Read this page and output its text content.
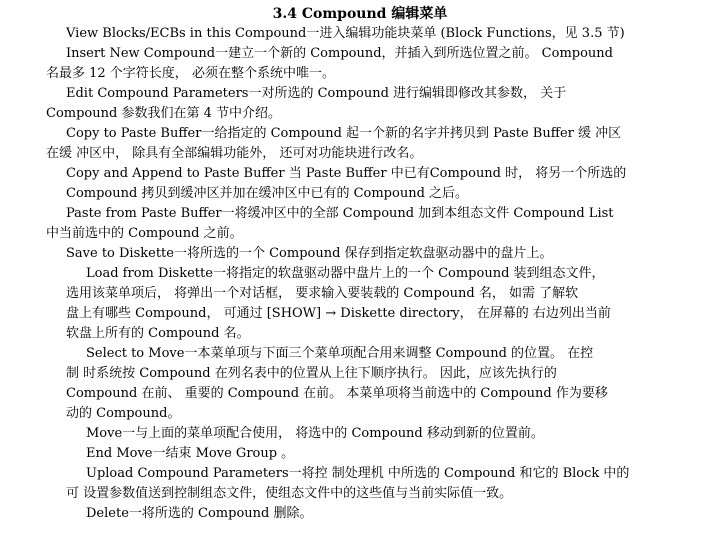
3.4 Compound 编辑菜单
View Blocks/ECBs in this Compound一进入编辑功能块菜单 (Block Functions，见 3.5 节)
Insert New Compound一建立一个新的 Compound，并插入到所选位置之前。 Compound
名最多 12 个字符长度， 必须在整个系统中唯一。
Edit Compound Parameters一对所选的 Compound 进行编辑即修改其参数， 关于
Compound 参数我们在第 4 节中介绍。
Copy to Paste Buffer一给指定的 Compound 起一个新的名字并拷贝到 Paste Buffer 缓 冲区
在缓 冲区中， 除具有全部编辑功能外， 还可对功能块进行改名。
Copy and Append to Paste Buffer 当 Paste Buffer 中已有Compound 时， 将另一个所选的
Compound 拷贝到缓冲区并加在缓冲区中已有的 Compound 之后。
Paste from Paste Buffer一将缓冲区中的全部 Compound 加到本组态文件 Compound List
中当前选中的 Compound 之前。
Save to Diskette一将所选的一个 Compound 保存到指定软盘驱动器中的盘片上。
Load from Diskette一将指定的软盘驱动器中盘片上的一个 Compound 装到组态文件，
选用该菜单项后， 将弹出一个对话框， 要求输入要装载的 Compound 名， 如需 了解软
盘上有哪些 Compound， 可通过 [SHOW] → Diskette directory， 在屏幕的 右边列出当前
软盘上所有的 Compound 名。
Select to Move一本菜单项与下面三个菜单项配合用来调整 Compound 的位置。 在控
制 时系统按 Compound 在列名表中的位置从上往下顺序执行。 因此，应该先执行的
Compound 在前、 重要的 Compound 在前。 本菜单项将当前选中的 Compound 作为要移
动的 Compound。
Move一与上面的菜单项配合使用， 将选中的 Compound 移动到新的位置前。
End Move一结束 Move Group 。
Upload Compound Parameters一将控 制处理机 中所选的 Compound 和它的 Block 中的
可 设置参数值送到控制组态文件，使组态文件中的这些值与当前实际值一致。
Delete一将所选的 Compound 删除。
